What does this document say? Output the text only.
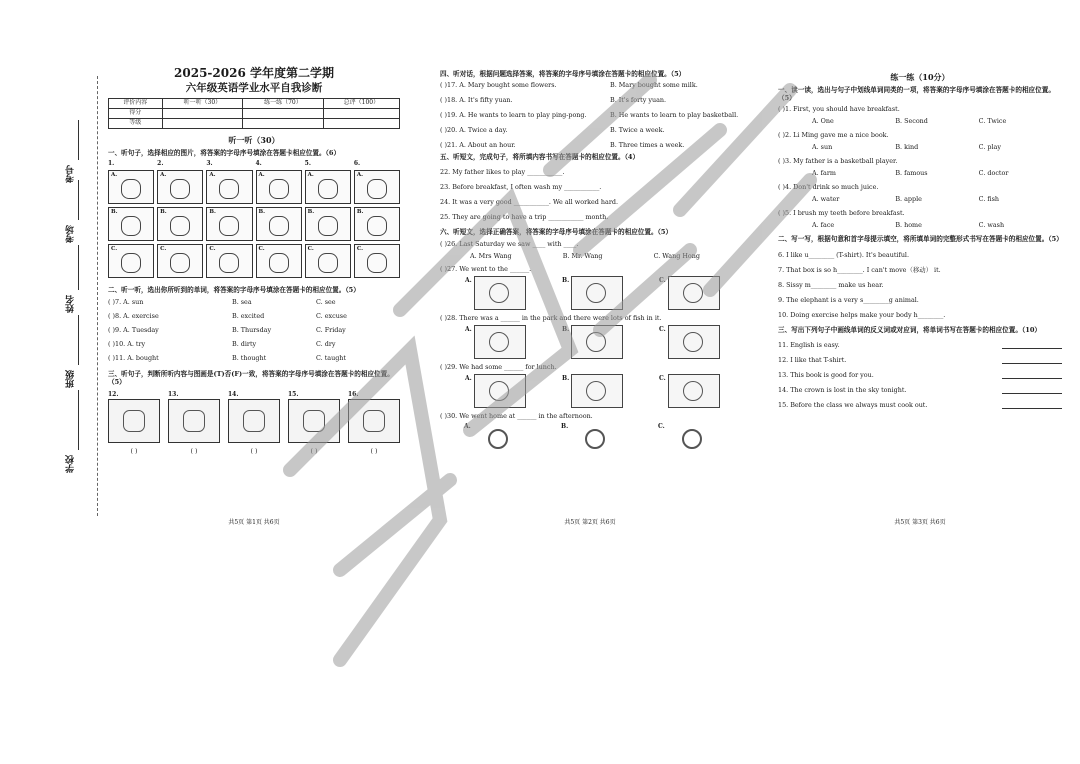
学校
班级
姓名
考场
考号
2025-2026 学年度第二学期
六年级英语学业水平自我诊断
评价内容	听一听（30）	练一练（70）	总评（100）
得分			
等级			
听一听（30）
一、听句子，选择相应的图片，将答案的字母序号填涂在答题卡相应位置。（6）
1.
A.
B.
C.
2.
A.
B.
C.
3.
A.
B.
C.
4.
A.
B.
C.
5.
A.
B.
C.
6.
A.
B.
C.
二、听一听，选出你所听到的单词，将答案的字母序号填涂在答题卡的相应位置。（5）
( )7. A. sun	B. sea	C. see
( )8. A. exercise	B. excited	C. excuse
( )9. A. Tuesday	B. Thursday	C. Friday
( )10. A. try	B. dirty	C. dry
( )11. A. bought	B. thought	C. taught
三、听句子，判断所听内容与图画是(T)否(F)一致，将答案的字母序号填涂在答题卡的相应位置。（5）
12.
( )
13.
( )
14.
( )
15.
( )
16.
( )
共5页 第1页 共6页
四、听对话，根据问题选择答案，将答案的字母序号填涂在答题卡的相应位置。（5）
( )17. A. Mary bought some flowers.	B. Mary bought some milk.
( )18. A. It's fifty yuan.	B. It's forty yuan.
( )19. A. He wants to learn to play ping-pong.	B. He wants to learn to play basketball.
( )20. A. Twice a day.	B. Twice a week.
( )21. A. About an hour.	B. Three times a week.
五、听短文，完成句子，将所填内容书写在答题卡的相应位置。（4）
22. My father likes to play ___________.
23. Before breakfast, I often wash my ___________.
24. It was a very good ___________. We all worked hard.
25. They are going to have a trip ___________ month.
六、听短文，选择正确答案，将答案的字母序号填涂在答题卡的相应位置。（5）
( )26. Last Saturday we saw ____ with ____.
A. Mrs Wang	B. Mr. Wang	C. Wang Hong
( )27. We went to the ______.
A.	B.	C.
( )28. There was a ______ in the park and there were lots of fish in it.
A.	B.	C.
( )29. We had some ______ for lunch.
A.	B.	C.
( )30. We went home at ______ in the afternoon.
A.	B.	C.
共5页 第2页 共6页
练一练（10分）
一、读一读，选出与句子中划线单词同类的一项，将答案的字母序号填涂在答题卡的相应位置。（5）
( )1. First, you should have breakfast.
A. One	B. Second	C. Twice
( )2. Li Ming gave me a nice book.
A. sun	B. kind	C. play
( )3. My father is a basketball player.
A. farm	B. famous	C. doctor
( )4. Don't drink so much juice.
A. water	B. apple	C. fish
( )5. I brush my teeth before breakfast.
A. face	B. home	C. wash
二、写一写，根据句意和首字母提示填空，将所填单词的完整形式书写在答题卡的相应位置。（5）
6. I like u________ (T-shirt). It's beautiful.
7. That box is so h________. I can't move（移动） it.
8. Sissy m________ make us hear.
9. The elephant is a very s________g animal.
10. Doing exercise helps make your body h________.
三、写出下列句子中画线单词的反义词或对应词，将单词书写在答题卡的相应位置。（10）
11. English is easy.
12. I like that T-shirt.
13. This book is good for you.
14. The crown is lost in the sky tonight.
15. Before the class we always must cook out.
共5页 第3页 共6页
